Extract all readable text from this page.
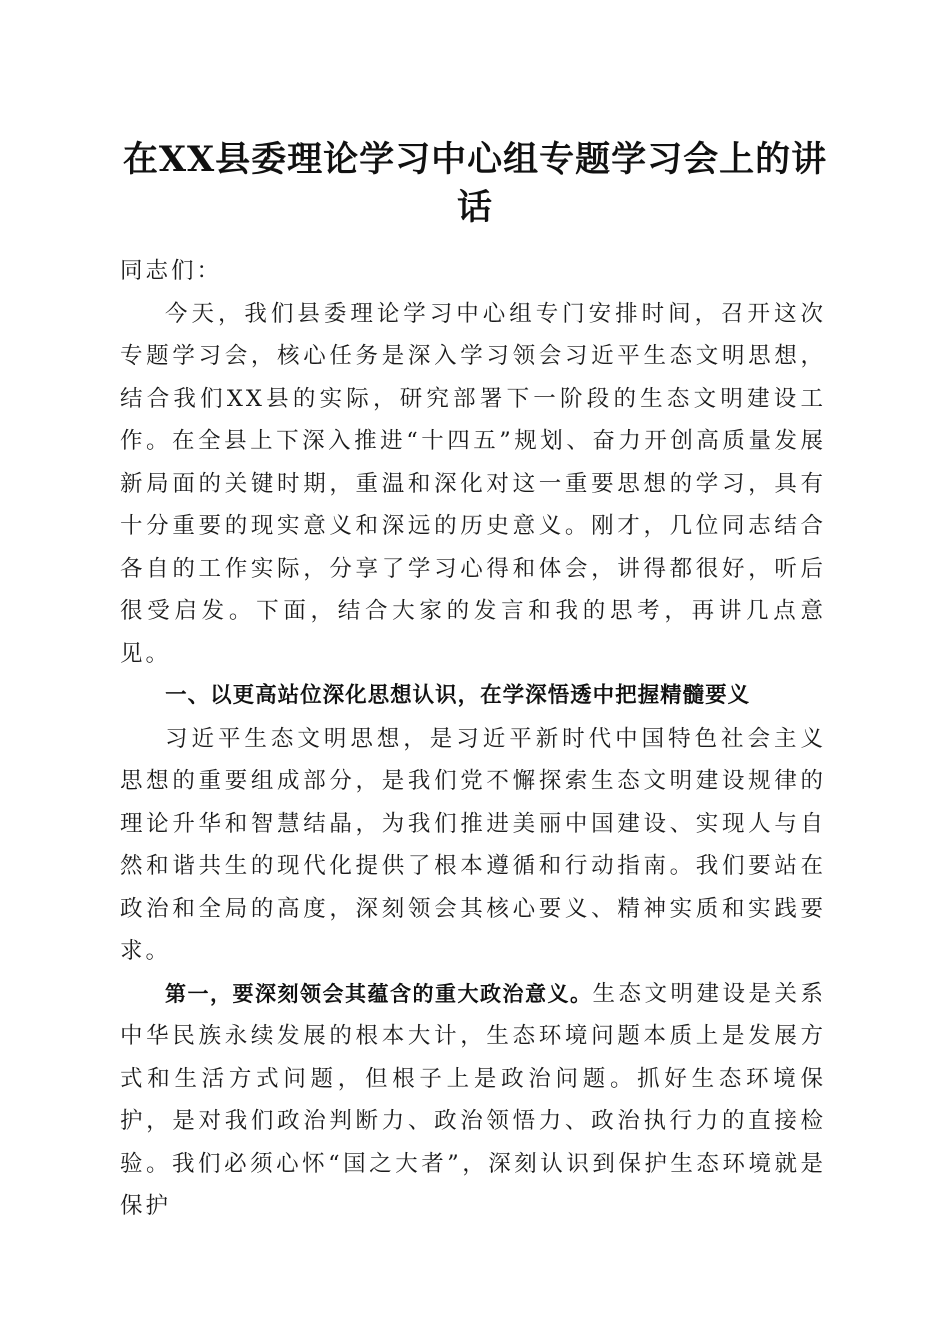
在XX县委理论学习中心组专题学习会上的讲话

同志们：

今天，我们县委理论学习中心组专门安排时间，召开这次专题学习会，核心任务是深入学习领会习近平生态文明思想，结合我们XX县的实际，研究部署下一阶段的生态文明建设工作。在全县上下深入推进“十四五”规划、奋力开创高质量发展新局面的关键时期，重温和深化对这一重要思想的学习，具有十分重要的现实意义和深远的历史意义。刚才，几位同志结合各自的工作实际，分享了学习心得和体会，讲得都很好，听后很受启发。下面，结合大家的发言和我的思考，再讲几点意见。

一、以更高站位深化思想认识，在学深悟透中把握精髓要义

习近平生态文明思想，是习近平新时代中国特色社会主义思想的重要组成部分，是我们党不懈探索生态文明建设规律的理论升华和智慧结晶，为我们推进美丽中国建设、实现人与自然和谐共生的现代化提供了根本遵循和行动指南。我们要站在政治和全局的高度，深刻领会其核心要义、精神实质和实践要求。

第一，要深刻领会其蕴含的重大政治意义。生态文明建设是关系中华民族永续发展的根本大计，生态环境问题本质上是发展方式和生活方式问题，但根子上是政治问题。抓好生态环境保护，是对我们政治判断力、政治领悟力、政治执行力的直接检验。我们必须心怀“国之大者”，深刻认识到保护生态环境就是保护
